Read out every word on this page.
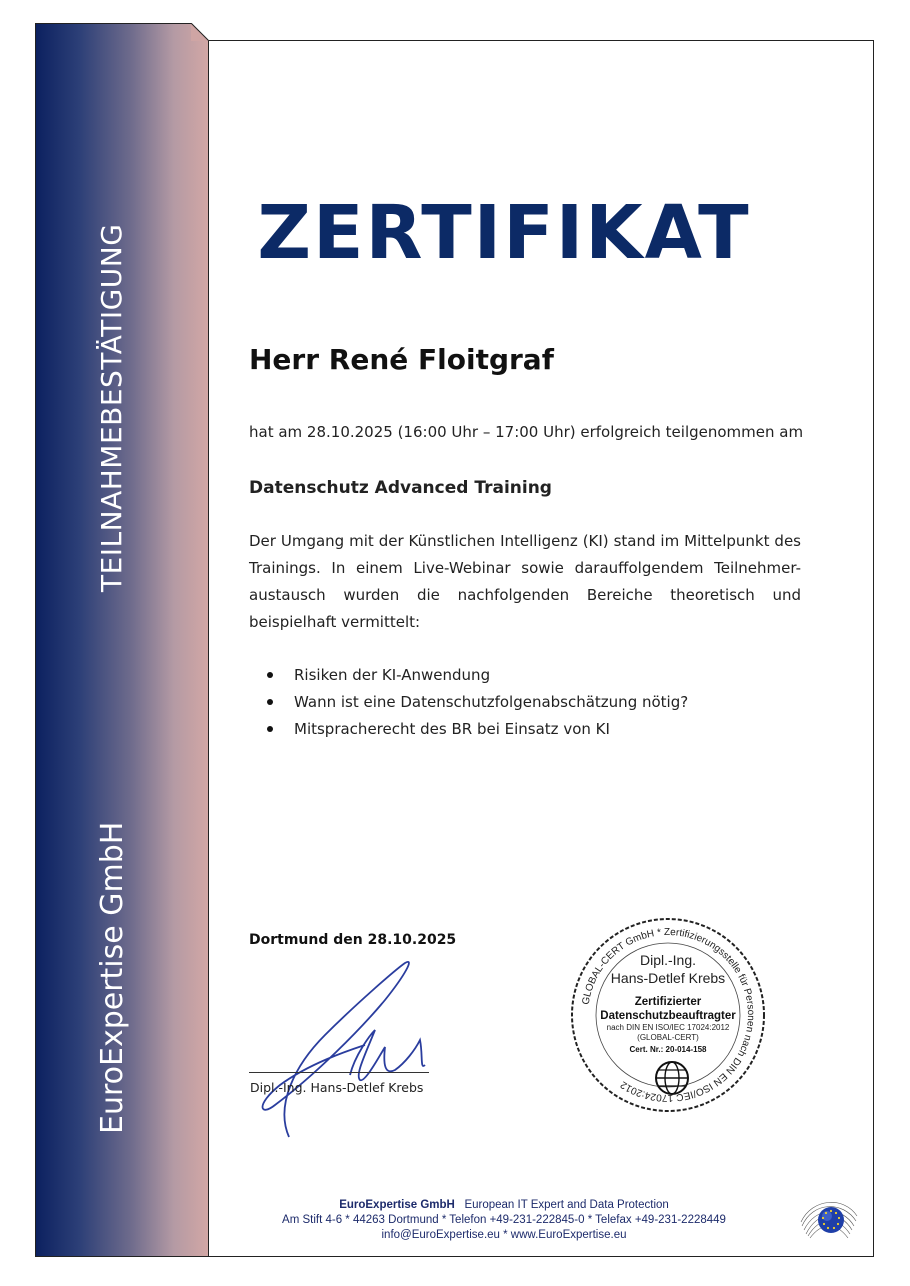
TEILNAHMEBESTÄTIGUNG
EuroExpertise GmbH
ZERTIFIKAT
Herr René Floitgraf
hat am 28.10.2025 (16:00 Uhr – 17:00 Uhr) erfolgreich teilgenommen am
Datenschutz Advanced Training
Der Umgang mit der Künstlichen Intelligenz (KI) stand im Mittelpunkt des Trainings. In einem Live-Webinar sowie darauffolgendem Teilnehmer-austausch wurden die nachfolgenden Bereiche theoretisch und beispielhaft vermittelt:
Risiken der KI-Anwendung
Wann ist eine Datenschutzfolgenabschätzung nötig?
Mitspracherecht des BR bei Einsatz von KI
Dortmund den 28.10.2025
Dipl.-Ing. Hans-Detlef Krebs
GLOBAL-CERT GmbH * Zertifizierungsstelle für Personen nach DIN EN ISO/IEC 17024:2012
Dipl.-Ing.
Hans-Detlef Krebs
Zertifizierter
Datenschutzbeauftragter
nach DIN EN ISO/IEC 17024:2012
(GLOBAL-CERT)
Cert. Nr.: 20-014-158
EuroExpertise GmbH European IT Expert and Data Protection
Am Stift 4-6 * 44263 Dortmund * Telefon +49-231-222845-0 * Telefax +49-231-2228449
info@EuroExpertise.eu * www.EuroExpertise.eu
